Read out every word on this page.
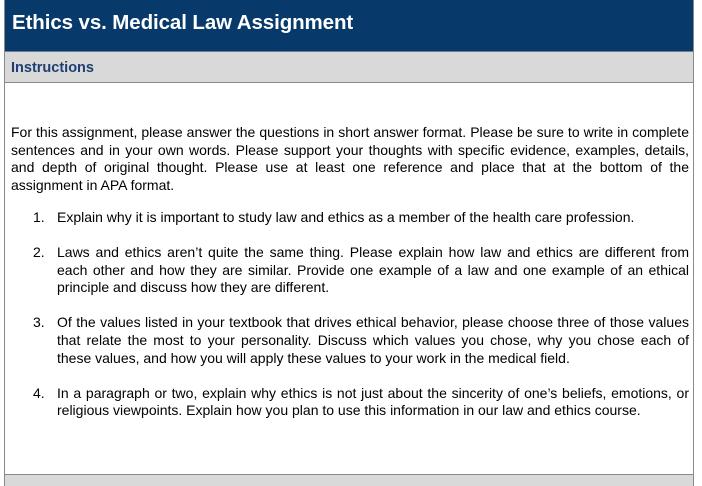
Ethics vs. Medical Law Assignment
Instructions
For this assignment, please answer the questions in short answer format. Please be sure to write in complete sentences and in your own words. Please support your thoughts with specific evidence, examples, details, and depth of original thought. Please use at least one reference and place that at the bottom of the assignment in APA format.
1. Explain why it is important to study law and ethics as a member of the health care profession.
2. Laws and ethics aren’t quite the same thing. Please explain how law and ethics are different from each other and how they are similar. Provide one example of a law and one example of an ethical principle and discuss how they are different.
3. Of the values listed in your textbook that drives ethical behavior, please choose three of those values that relate the most to your personality. Discuss which values you chose, why you chose each of these values, and how you will apply these values to your work in the medical field.
4. In a paragraph or two, explain why ethics is not just about the sincerity of one’s beliefs, emotions, or religious viewpoints. Explain how you plan to use this information in our law and ethics course.
